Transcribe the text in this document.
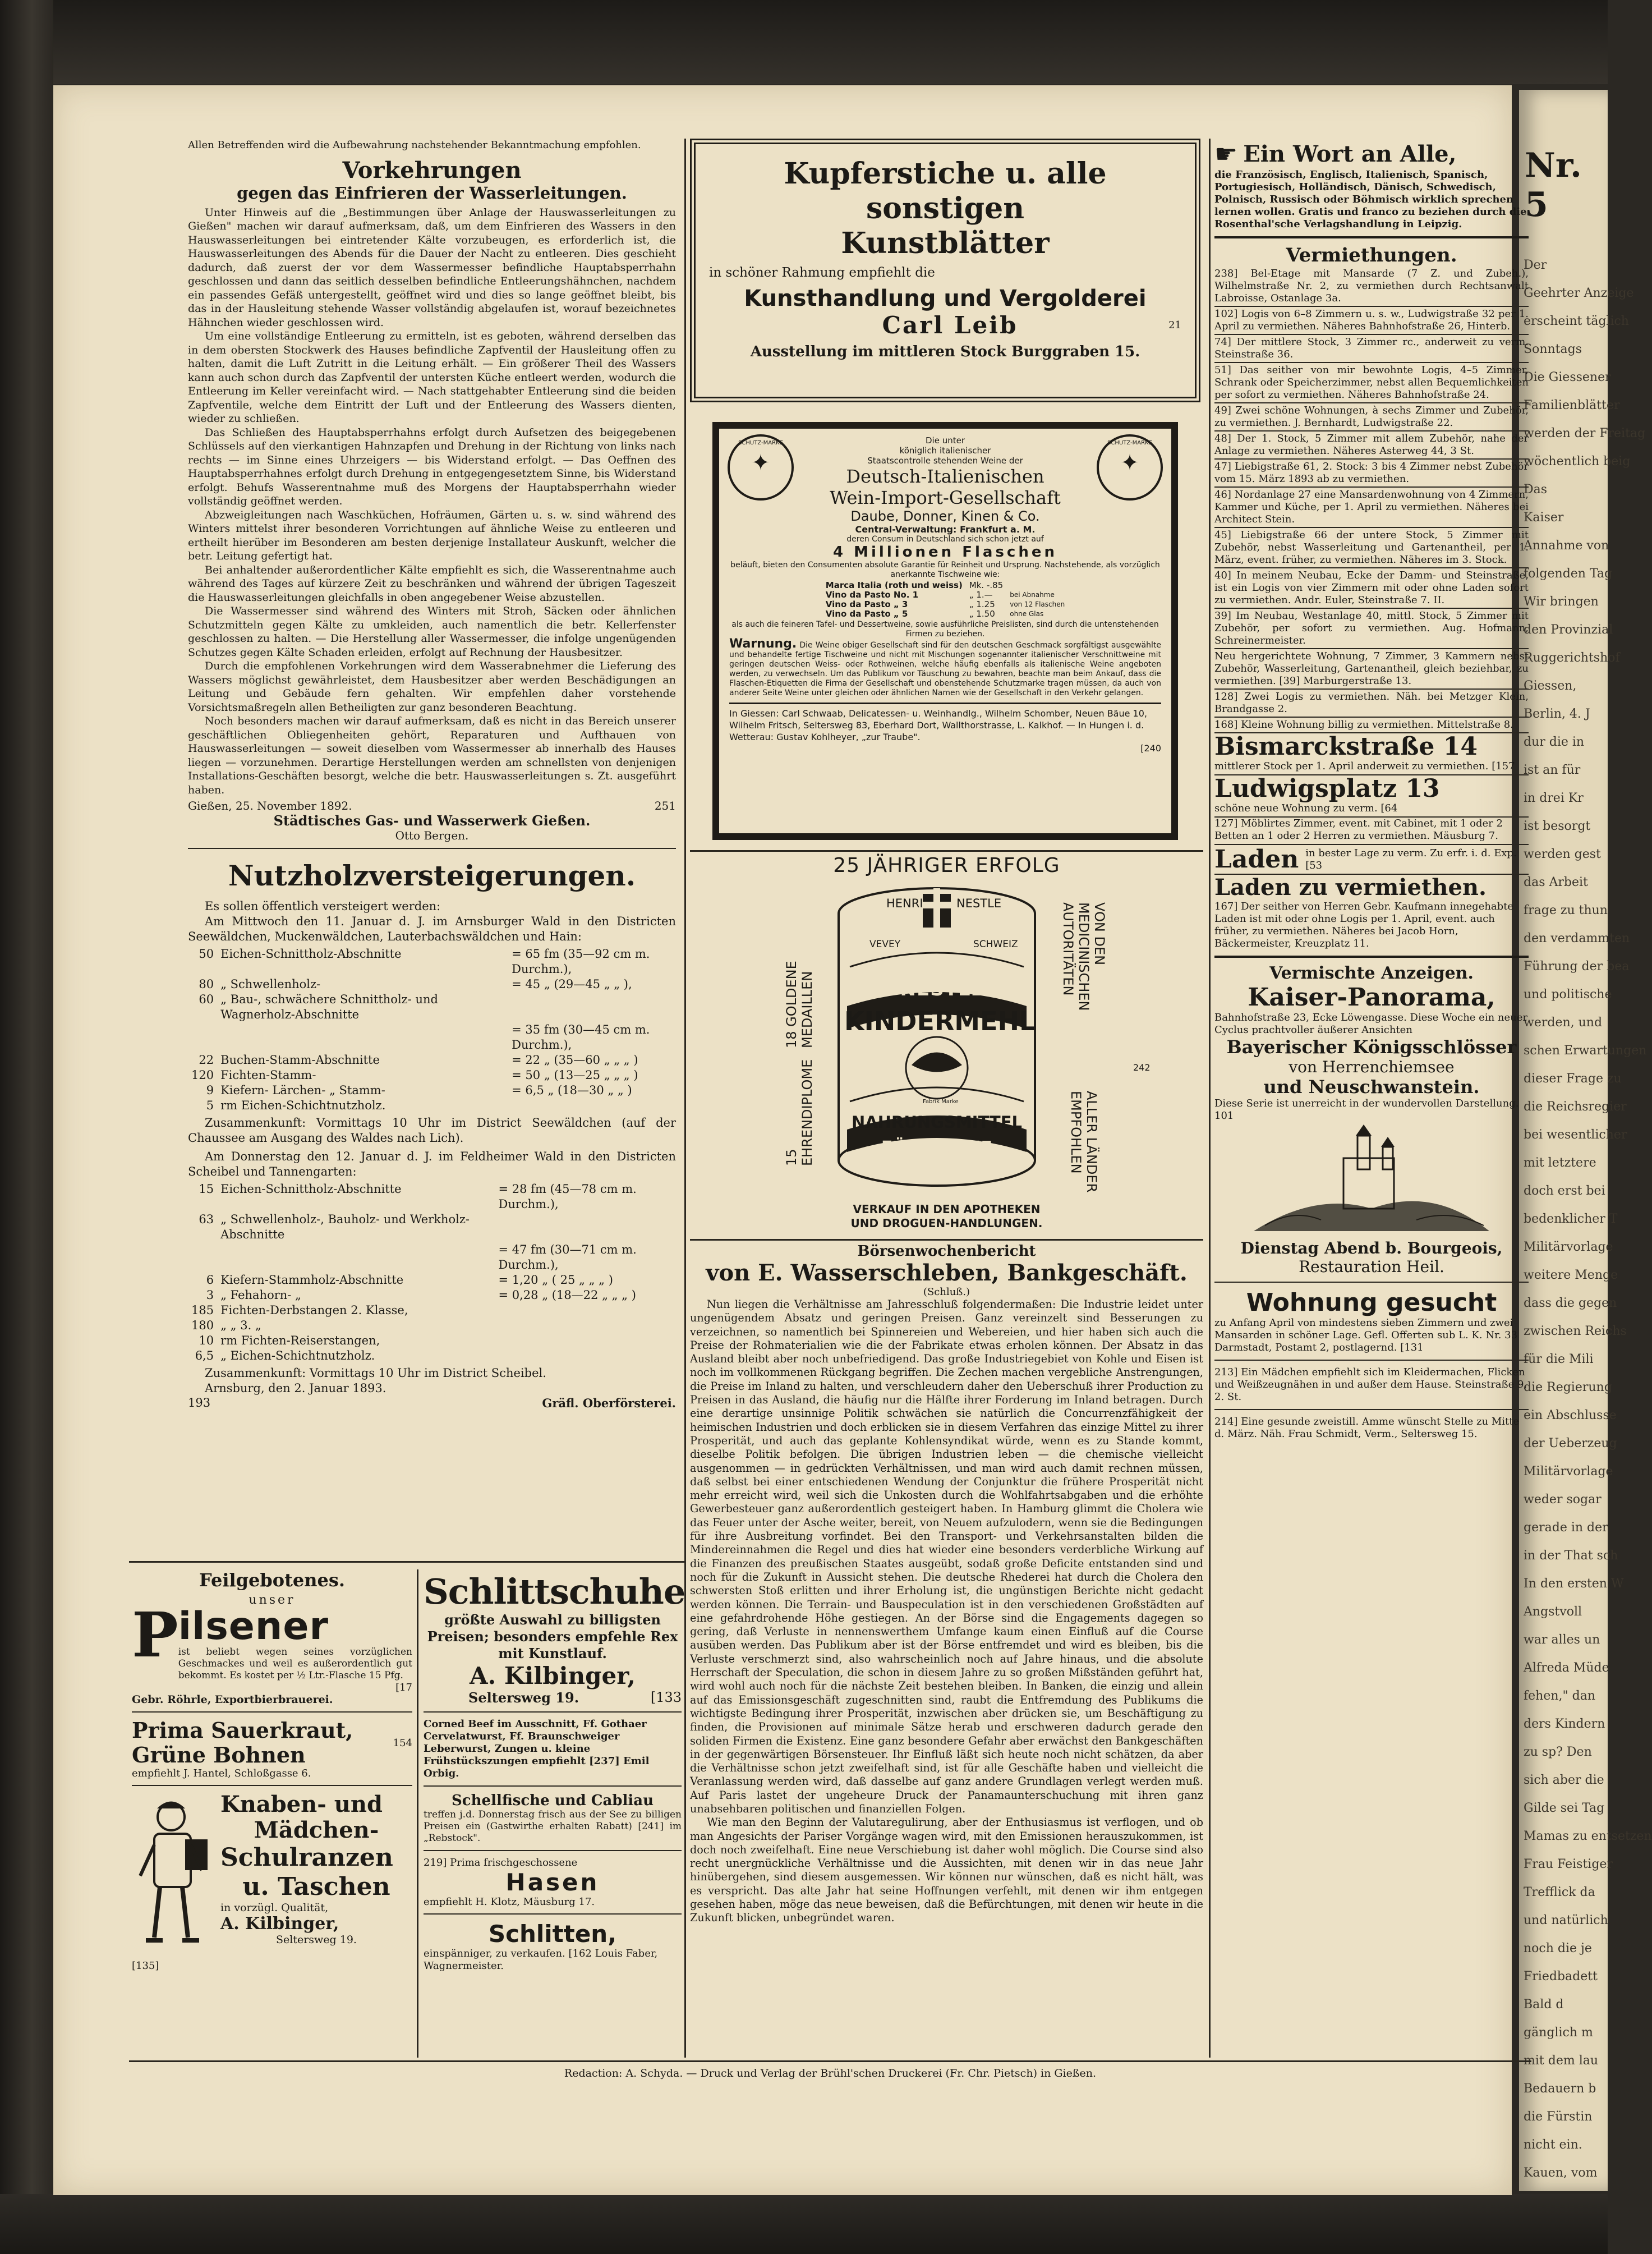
Nr. 5
Der
Geehrter Anzeige
erscheint täglich
Sonntags
Die Giessener
Familienblätter
werden der Freitag
wöchentlich beig
Das
Kaiser
Annahme von
folgenden Tag
Wir bringen
den Provinzial
Ruggerichtshof
Giessen,
Berlin, 4. J
dur die in
ist an für
in drei Kr
ist besorgt
werden gest
das Arbeit
frage zu thun
den verdammten
Führung der bea
und politische
werden, und
schen Erwartungen
dieser Frage zu
die Reichsregier
bei wesentlicher
mit letztere
doch erst bei
bedenklicher T
Militärvorlage
weitere Menge
dass die gegen
zwischen Reichs
für die Mili
die Regierung
ein Abschlusse
der Ueberzeug
Militärvorlage
weder sogar
gerade in der
in der That sch
In den ersten W
Angstvoll
war alles un
Alfreda Müde
fehen," dan
ders Kindern
zu sp? Den
sich aber die
Gilde sei Tag
Mamas zu entsetzen
Frau Feistiger
Trefflick da
und natürlich
noch die je
Friedbadett
Bald d
gänglich m
mit dem lau
Bedauern b
die Fürstin
nicht ein.
Kauen, vom

Allen Betreffenden wird die Aufbewahrung nachstehender Bekanntmachung empfohlen.

Vorkehrungen
gegen das Einfrieren der Wasserleitungen.

Unter Hinweis auf die „Bestimmungen über Anlage der Hauswasserleitungen zu Gießen" machen wir darauf aufmerksam, daß, um dem Einfrieren des Wassers in den Hauswasserleitungen bei eintretender Kälte vorzubeugen, es erforderlich ist, die Hauswasserleitungen des Abends für die Dauer der Nacht zu entleeren. Dies geschieht dadurch, daß zuerst der vor dem Wassermesser befindliche Hauptabsperrhahn geschlossen und dann das seitlich desselben befindliche Entleerungshähnchen, nachdem ein passendes Gefäß untergestellt, geöffnet wird und dies so lange geöffnet bleibt, bis das in der Hausleitung stehende Wasser vollständig abgelaufen ist, worauf bezeichnetes Hähnchen wieder geschlossen wird.

Um eine vollständige Entleerung zu ermitteln, ist es geboten, während derselben das in dem obersten Stockwerk des Hauses befindliche Zapfventil der Hausleitung offen zu halten, damit die Luft Zutritt in die Leitung erhält. — Ein größerer Theil des Wassers kann auch schon durch das Zapfventil der untersten Küche entleert werden, wodurch die Entleerung im Keller vereinfacht wird. — Nach stattgehabter Entleerung sind die beiden Zapfventile, welche dem Eintritt der Luft und der Entleerung des Wassers dienten, wieder zu schließen.

Das Schließen des Hauptabsperrhahns erfolgt durch Aufsetzen des beigegebenen Schlüssels auf den vierkantigen Hahnzapfen und Drehung in der Richtung von links nach rechts — im Sinne eines Uhrzeigers — bis Widerstand erfolgt. — Das Oeffnen des Hauptabsperrhahnes erfolgt durch Drehung in entgegengesetztem Sinne, bis Widerstand erfolgt. Behufs Wasserentnahme muß des Morgens der Hauptabsperrhahn wieder vollständig geöffnet werden.

Abzweigleitungen nach Waschküchen, Hofräumen, Gärten u. s. w. sind während des Winters mittelst ihrer besonderen Vorrichtungen auf ähnliche Weise zu entleeren und ertheilt hierüber im Besonderen am besten derjenige Installateur Auskunft, welcher die betr. Leitung gefertigt hat.

Bei anhaltender außerordentlicher Kälte empfiehlt es sich, die Wasserentnahme auch während des Tages auf kürzere Zeit zu beschränken und während der übrigen Tageszeit die Hauswasserleitungen gleichfalls in oben angegebener Weise abzustellen.

Die Wassermesser sind während des Winters mit Stroh, Säcken oder ähnlichen Schutzmitteln gegen Kälte zu umkleiden, auch namentlich die betr. Kellerfenster geschlossen zu halten. — Die Herstellung aller Wassermesser, die infolge ungenügenden Schutzes gegen Kälte Schaden erleiden, erfolgt auf Rechnung der Hausbesitzer.

Durch die empfohlenen Vorkehrungen wird dem Wasserabnehmer die Lieferung des Wassers möglichst gewährleistet, dem Hausbesitzer aber werden Beschädigungen an Leitung und Gebäude fern gehalten. Wir empfehlen daher vorstehende Vorsichtsmaßregeln allen Betheiligten zur ganz besonderen Beachtung.

Noch besonders machen wir darauf aufmerksam, daß es nicht in das Bereich unserer geschäftlichen Obliegenheiten gehört, Reparaturen und Aufthauen von Hauswasserleitungen — soweit dieselben vom Wassermesser ab innerhalb des Hauses liegen — vorzunehmen. Derartige Herstellungen werden am schnellsten von denjenigen Installations-Geschäften besorgt, welche die betr. Hauswasserleitungen s. Zt. ausgeführt haben.

Gießen, 25. November 1892.	251
Städtisches Gas- und Wasserwerk Gießen.
Otto Bergen.
Nutzholzversteigerungen.

Es sollen öffentlich versteigert werden:

Am Mittwoch den 11. Januar d. J. im Arnsburger Wald in den Districten Seewäldchen, Muckenwäldchen, Lauterbachswäldchen und Hain:

50	Eichen-Schnittholz-Abschnitte	= 65 fm (35—92 cm m. Durchm.),
80	„ Schwellenholz-	= 45 „ (29—45 „ „ ),
60	„ Bau-, schwächere Schnittholz- und Wagnerholz-Abschnitte	
		= 35 fm (30—45 cm m. Durchm.),
22	Buchen-Stamm-Abschnitte	= 22 „ (35—60 „ „ „ )
120	Fichten-Stamm-	= 50 „ (13—25 „ „ „ )
9	Kiefern- Lärchen- „ Stamm-	= 6,5 „ (18—30 „ „ )
5	rm Eichen-Schichtnutzholz.	

Zusammenkunft: Vormittags 10 Uhr im District Seewäldchen (auf der Chaussee am Ausgang des Waldes nach Lich).

Am Donnerstag den 12. Januar d. J. im Feldheimer Wald in den Districten Scheibel und Tannengarten:

15	Eichen-Schnittholz-Abschnitte	= 28 fm (45—78 cm m. Durchm.),
63	„ Schwellenholz-, Bauholz- und Werkholz-Abschnitte	
		= 47 fm (30—71 cm m. Durchm.),
6	Kiefern-Stammholz-Abschnitte	= 1,20 „ ( 25 „ „ „ )
3	„ Fehahorn- „	= 0,28 „ (18—22 „ „ „ )
185	Fichten-Derbstangen 2. Klasse,	
180	„ „ 3. „	
10	rm Fichten-Reiserstangen,	
6,5	„ Eichen-Schichtnutzholz.	

Zusammenkunft: Vormittags 10 Uhr im District Scheibel.

Arnsburg, den 2. Januar 1893.

193	Gräfl. Oberförsterei.
Feilgebotenes.
unser
P ilsener

ist beliebt wegen seines vorzüglichen Geschmackes und weil es außerordentlich gut bekommt. Es kostet per ½ Ltr.-Flasche 15 Pfg.

[17
Gebr. Röhrle, Exportbierbrauerei.
Prima Sauerkraut,
Grüne Bohnen	154
empfiehlt J. Hantel, Schloßgasse 6.
Knaben- und
Mädchen-
Schulranzen
u. Taschen
in vorzügl. Qualität,
A. Kilbinger,
Seltersweg 19.
[135]
Schlittschuhe

größte Auswahl zu billigsten Preisen; besonders empfehle Rex mit Kunstlauf.

A. Kilbinger,
Seltersweg 19.	[133

Corned Beef im Ausschnitt, Ff. Gothaer Cervelatwurst, Ff. Braunschweiger Leberwurst, Zungen u. kleine Frühstückszungen empfiehlt [237] Emil Orbig.

Schellfische und Cabliau

treffen j.d. Donnerstag frisch aus der See zu billigen Preisen ein (Gastwirthe erhalten Rabatt) [241] im „Rebstock".

219] Prima frischgeschossene
Hasen
empfiehlt H. Klotz, Mäusburg 17.
Schlitten,

einspänniger, zu verkaufen. [162 Louis Faber, Wagnermeister.

Kupferstiche u. alle sonstigen
Kunstblätter
in schöner Rahmung empfiehlt die
Kunsthandlung und Vergolderei
Carl Leib	21
Ausstellung im mittleren Stock Burggraben 15.
SCHUTZ-MARKE
✦
SCHUTZ-MARKE
✦
Die unter
königlich italienischer
Staatscontrolle stehenden Weine der
Deutsch-Italienischen
Wein-Import-Gesellschaft
Daube, Donner, Kinen & Co.
Central-Verwaltung: Frankfurt a. M.
deren Consum in Deutschland sich schon jetzt auf
4 Millionen Flaschen

beläuft, bieten den Consumenten absolute Garantie für Reinheit und Ursprung. Nachstehende, als vorzüglich anerkannte Tischweine wie:

Marca Italia (roth und weiss)	Mk. -.85	
Vino da Pasto No. 1	„ 1.—	bei Abnahme
Vino da Pasto „ 3	„ 1.25	von 12 Flaschen
Vino da Pasto „ 5	„ 1.50	ohne Glas

als auch die feineren Tafel- und Dessertweine, sowie ausführliche Preislisten, sind durch die untenstehenden Firmen zu beziehen.

Warnung. Die Weine obiger Gesellschaft sind für den deutschen Geschmack sorgfältigst ausgewählte und behandelte fertige Tischweine und nicht mit Mischungen sogenannter italienischer Verschnittweine mit geringen deutschen Weiss- oder Rothweinen, welche häufig ebenfalls als italienische Weine angeboten werden, zu verwechseln. Um das Publikum vor Täuschung zu bewahren, beachte man beim Ankauf, dass die Flaschen-Etiquetten die Firma der Gesellschaft und obenstehende Schutzmarke tragen müssen, da auch von anderer Seite Weine unter gleichen oder ähnlichen Namen wie der Gesellschaft in den Verkehr gelangen.

In Giessen: Carl Schwaab, Delicatessen- u. Weinhandlg., Wilhelm Schomber, Neuen Bäue 10, Wilhelm Fritsch, Seltersweg 83, Eberhard Dort, Wallthorstrasse, L. Kalkhof. — In Hungen i. d. Wetterau: Gustav Kohlheyer, „zur Traube".

[240
25 JÄHRIGER ERFOLG
15 EHRENDIPLOME
18 GOLDENE MEDAILLEN
HENRI	NESTLE
VEVEY	SCHWEIZ
H. NESTLE'S
KINDERMEHL
Fabrik Marke
NAHRUNGSMITTEL
FÜR KLEINE KINDER
VON DEN MEDICINISCHEN AUTORITÄTEN
ALLER LÄNDER EMPFOHLEN
242
VERKAUF IN DEN APOTHEKEN
UND DROGUEN-HANDLUNGEN.
Börsenwochenbericht
von E. Wasserschleben, Bankgeschäft.
(Schluß.)

Nun liegen die Verhältnisse am Jahresschluß folgendermaßen: Die Industrie leidet unter ungenügendem Absatz und geringen Preisen. Ganz vereinzelt sind Besserungen zu verzeichnen, so namentlich bei Spinnereien und Webereien, und hier haben sich auch die Preise der Rohmaterialien wie die der Fabrikate etwas erholen können. Der Absatz in das Ausland bleibt aber noch unbefriedigend. Das große Industriegebiet von Kohle und Eisen ist noch im vollkommenen Rückgang begriffen. Die Zechen machen vergebliche Anstrengungen, die Preise im Inland zu halten, und verschleudern daher den Ueberschuß ihrer Production zu Preisen in das Ausland, die häufig nur die Hälfte ihrer Forderung im Inland betragen. Durch eine derartige unsinnige Politik schwächen sie natürlich die Concurrenzfähigkeit der heimischen Industrien und doch erblicken sie in diesem Verfahren das einzige Mittel zu ihrer Prosperität, und auch das geplante Kohlensyndikat würde, wenn es zu Stande kommt, dieselbe Politik befolgen. Die übrigen Industrien leben — die chemische vielleicht ausgenommen — in gedrückten Verhältnissen, und man wird auch damit rechnen müssen, daß selbst bei einer entschiedenen Wendung der Conjunktur die frühere Prosperität nicht mehr erreicht wird, weil sich die Unkosten durch die Wohlfahrtsabgaben und die erhöhte Gewerbesteuer ganz außerordentlich gesteigert haben. In Hamburg glimmt die Cholera wie das Feuer unter der Asche weiter, bereit, von Neuem aufzulodern, wenn sie die Bedingungen für ihre Ausbreitung vorfindet. Bei den Transport- und Verkehrsanstalten bilden die Mindereinnahmen die Regel und dies hat wieder eine besonders verderbliche Wirkung auf die Finanzen des preußischen Staates ausgeübt, sodaß große Deficite entstanden sind und noch für die Zukunft in Aussicht stehen. Die deutsche Rhederei hat durch die Cholera den schwersten Stoß erlitten und ihrer Erholung ist, die ungünstigen Berichte nicht gedacht werden können. Die Terrain- und Bauspeculation ist in den verschiedenen Großstädten auf eine gefahrdrohende Höhe gestiegen. An der Börse sind die Engagements dagegen so gering, daß Verluste in nennenswerthem Umfange kaum einen Einfluß auf die Course ausüben werden. Das Publikum aber ist der Börse entfremdet und wird es bleiben, bis die Verluste verschmerzt sind, also wahrscheinlich noch auf Jahre hinaus, und die absolute Herrschaft der Speculation, die schon in diesem Jahre zu so großen Mißständen geführt hat, wird wohl auch noch für die nächste Zeit bestehen bleiben. In Banken, die einzig und allein auf das Emissionsgeschäft zugeschnitten sind, raubt die Entfremdung des Publikums die wichtigste Bedingung ihrer Prosperität, inzwischen aber drücken sie, um Beschäftigung zu finden, die Provisionen auf minimale Sätze herab und erschweren dadurch gerade den soliden Firmen die Existenz. Eine ganz besondere Gefahr aber erwächst den Bankgeschäften in der gegenwärtigen Börsensteuer. Ihr Einfluß läßt sich heute noch nicht schätzen, da aber die Verhältnisse schon jetzt zweifelhaft sind, ist für alle Geschäfte haben und vielleicht die Veranlassung werden wird, daß dasselbe auf ganz andere Grundlagen verlegt werden muß. Auf Paris lastet der ungeheure Druck der Panamaunterschuchung mit ihren ganz unabsehbaren politischen und finanziellen Folgen.

Wie man den Beginn der Valutaregulirung, aber der Enthusiasmus ist verflogen, und ob man Angesichts der Pariser Vorgänge wagen wird, mit den Emissionen herauszukommen, ist doch noch zweifelhaft. Eine neue Verschiebung ist daher wohl möglich. Die Course sind also recht unergnückliche Verhältnisse und die Aussichten, mit denen wir in das neue Jahr hinübergehen, sind diesem ausgemessen. Wir können nur wünschen, daß es nicht hält, was es verspricht. Das alte Jahr hat seine Hoffnungen verfehlt, mit denen wir ihm entgegen gesehen haben, möge das neue beweisen, daß die Befürchtungen, mit denen wir heute in die Zukunft blicken, unbegründet waren.

☛ Ein Wort an Alle,

die Französisch, Englisch, Italienisch, Spanisch, Portugiesisch, Holländisch, Dänisch, Schwedisch, Polnisch, Russisch oder Böhmisch wirklich sprechen lernen wollen. Gratis und franco zu beziehen durch die Rosenthal'sche Verlagshandlung in Leipzig.

Vermiethungen.

238] Bel-Etage mit Mansarde (7 Z. und Zubeh.), Wilhelmstraße Nr. 2, zu vermiethen durch Rechtsanwalt Labroisse, Ostanlage 3a.

102] Logis von 6–8 Zimmern u. s. w., Ludwigstraße 32 per 1. April zu vermiethen. Näheres Bahnhofstraße 26, Hinterb.

74] Der mittlere Stock, 3 Zimmer rc., anderweit zu verm. Steinstraße 36.

51] Das seither von mir bewohnte Logis, 4–5 Zimmer, Schrank oder Speicherzimmer, nebst allen Bequemlichkeiten per sofort zu vermiethen. Näheres Bahnhofstraße 24.

49] Zwei schöne Wohnungen, à sechs Zimmer und Zubehör, zu vermiethen. J. Bernhardt, Ludwigstraße 22.

48] Der 1. Stock, 5 Zimmer mit allem Zubehör, nahe der Anlage zu vermiethen. Näheres Asterweg 44, 3 St.

47] Liebigstraße 61, 2. Stock: 3 bis 4 Zimmer nebst Zubehör vom 15. März 1893 ab zu vermiethen.

46] Nordanlage 27 eine Mansardenwohnung von 4 Zimmern, Kammer und Küche, per 1. April zu vermiethen. Näheres bei Architect Stein.

45] Liebigstraße 66 der untere Stock, 5 Zimmer mit Zubehör, nebst Wasserleitung und Gartenantheil, per 1. März, event. früher, zu vermiethen. Näheres im 3. Stock.

40] In meinem Neubau, Ecke der Damm- und Steinstraße, ist ein Logis von vier Zimmern mit oder ohne Laden sofort zu vermiethen. Andr. Euler, Steinstraße 7. II.

39] Im Neubau, Westanlage 40, mittl. Stock, 5 Zimmer mit Zubehör, per sofort zu vermiethen. Aug. Hofmann, Schreinermeister.

Neu hergerichtete Wohnung, 7 Zimmer, 3 Kammern nebst Zubehör, Wasserleitung, Gartenantheil, gleich beziehbar, zu vermiethen. [39] Marburgerstraße 13.

128] Zwei Logis zu vermiethen. Näh. bei Metzger Klein, Brandgasse 2.

168] Kleine Wohnung billig zu vermiethen. Mittelstraße 8.

Bismarckstraße 14

mittlerer Stock per 1. April anderweit zu vermiethen. [157

Ludwigsplatz 13

schöne neue Wohnung zu verm. [64

127] Möblirtes Zimmer, event. mit Cabinet, mit 1 oder 2 Betten an 1 oder 2 Herren zu vermiethen. Mäusburg 7.

Laden in bester Lage zu verm. Zu erfr. i. d. Exp. [53
Laden zu vermiethen.

167] Der seither von Herren Gebr. Kaufmann innegehabte Laden ist mit oder ohne Logis per 1. April, event. auch früher, zu vermiethen. Näheres bei Jacob Horn, Bäckermeister, Kreuzplatz 11.

Vermischte Anzeigen.
Kaiser-Panorama,

Bahnhofstraße 23, Ecke Löwengasse. Diese Woche ein neuer Cyclus prachtvoller äußerer Ansichten

Bayerischer Königsschlösser
von Herrenchiemsee
und Neuschwanstein.

Diese Serie ist unerreicht in der wundervollen Darstellung. 101

Dienstag Abend b. Bourgeois,
Restauration Heil.
Wohnung gesucht

zu Anfang April von mindestens sieben Zimmern und zwei Mansarden in schöner Lage. Gefl. Offerten sub L. K. Nr. 33 Darmstadt, Postamt 2, postlagernd. [131

213] Ein Mädchen empfiehlt sich im Kleidermachen, Flicken und Weißzeugnähen in und außer dem Hause. Steinstraße 9, 2. St.

214] Eine gesunde zweistill. Amme wünscht Stelle zu Mitte d. März. Näh. Frau Schmidt, Verm., Seltersweg 15.

Redaction: A. Schyda. — Druck und Verlag der Brühl'schen Druckerei (Fr. Chr. Pietsch) in Gießen.
